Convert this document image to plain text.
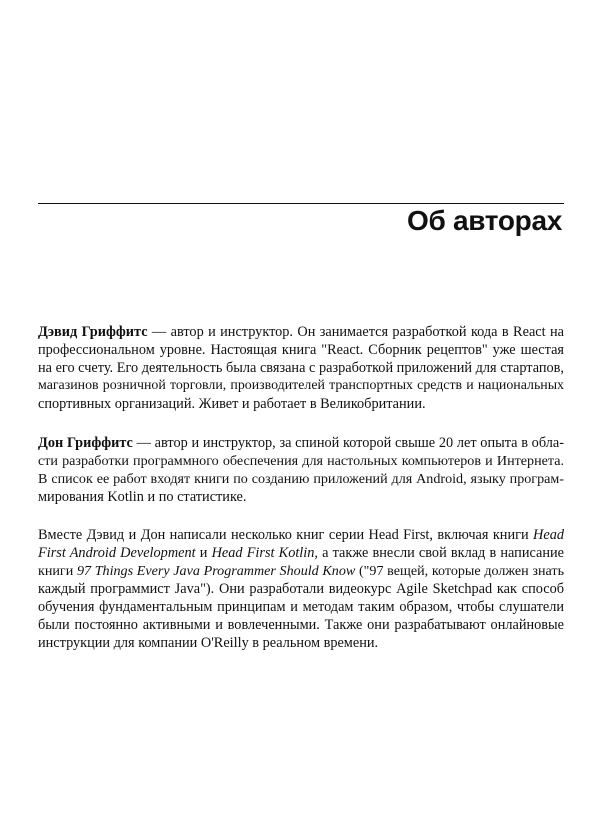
Об авторах

Дэвид Гриффитс — автор и инструктор. Он занимается разработкой кода в React на
профессиональном уровне. Настоящая книга "React. Сборник рецептов" уже шестая
на его счету. Его деятельность была связана с разработкой приложений для стартапов,
магазинов розничной торговли, производителей транспортных средств и национальных
спортивных организаций. Живет и работает в Великобритании.

Дон Гриффитс — автор и инструктор, за спиной которой свыше 20 лет опыта в обла-
сти разработки программного обеспечения для настольных компьютеров и Интернета.
В список ее работ входят книги по созданию приложений для Android, языку програм-
мирования Kotlin и по статистике.

Вместе Дэвид и Дон написали несколько книг серии Head First, включая книги Head
First Android Development и Head First Kotlin, а также внесли свой вклад в написание
книги 97 Things Every Java Programmer Should Know ("97 вещей, которые должен знать
каждый программист Java"). Они разработали видеокурс Agile Sketchpad как способ
обучения фундаментальным принципам и методам таким образом, чтобы слушатели
были постоянно активными и вовлеченными. Также они разрабатывают онлайновые
инструкции для компании O'Reilly в реальном времени.
